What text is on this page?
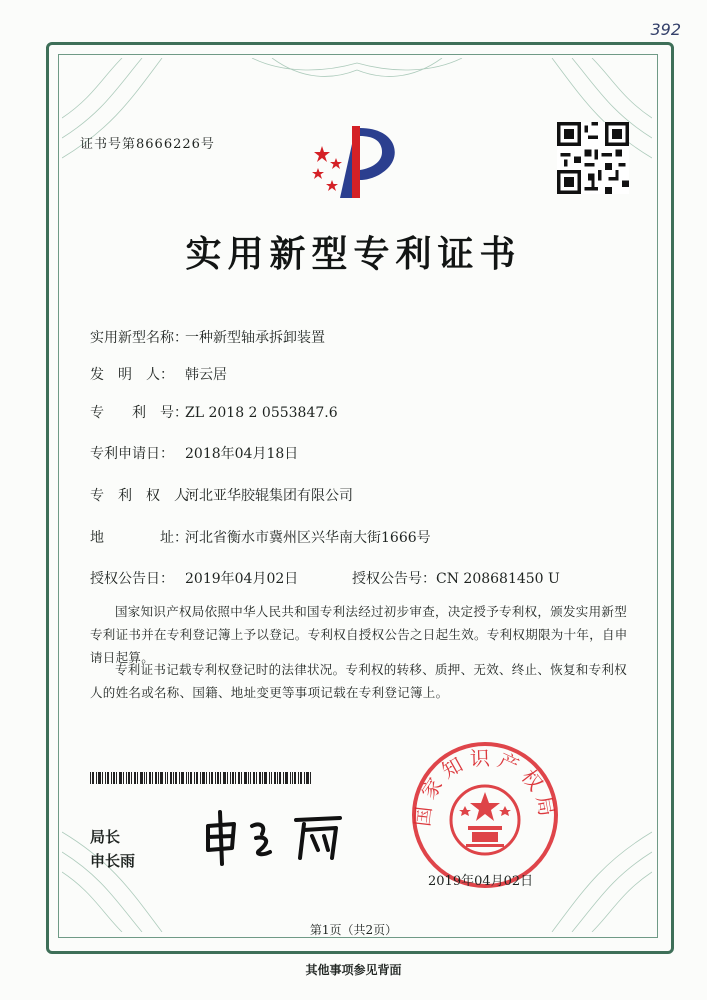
392
证书号第8666226号
实用新型专利证书
实用新型名称：一种新型轴承拆卸装置
发　明　人： 韩云居
专　　利　号：ZL 2018 2 0553847.6
专利申请日： 2018年04月18日
专　利　权　人：河北亚华胶辊集团有限公司
地　　　　址：河北省衡水市冀州区兴华南大街1666号
授权公告日： 2019年04月02日	授权公告号：CN 208681450 U
国家知识产权局依照中华人民共和国专利法经过初步审查，决定授予专利权，颁发实用新型专利证书并在专利登记簿上予以登记。专利权自授权公告之日起生效。专利权期限为十年，自申请日起算。
专利证书记载专利权登记时的法律状况。专利权的转移、质押、无效、终止、恢复和专利权人的姓名或名称、国籍、地址变更等事项记载在专利登记簿上。
局长
申长雨
国家知识产权局
2019年04月02日
第1页（共2页）
其他事项参见背面
